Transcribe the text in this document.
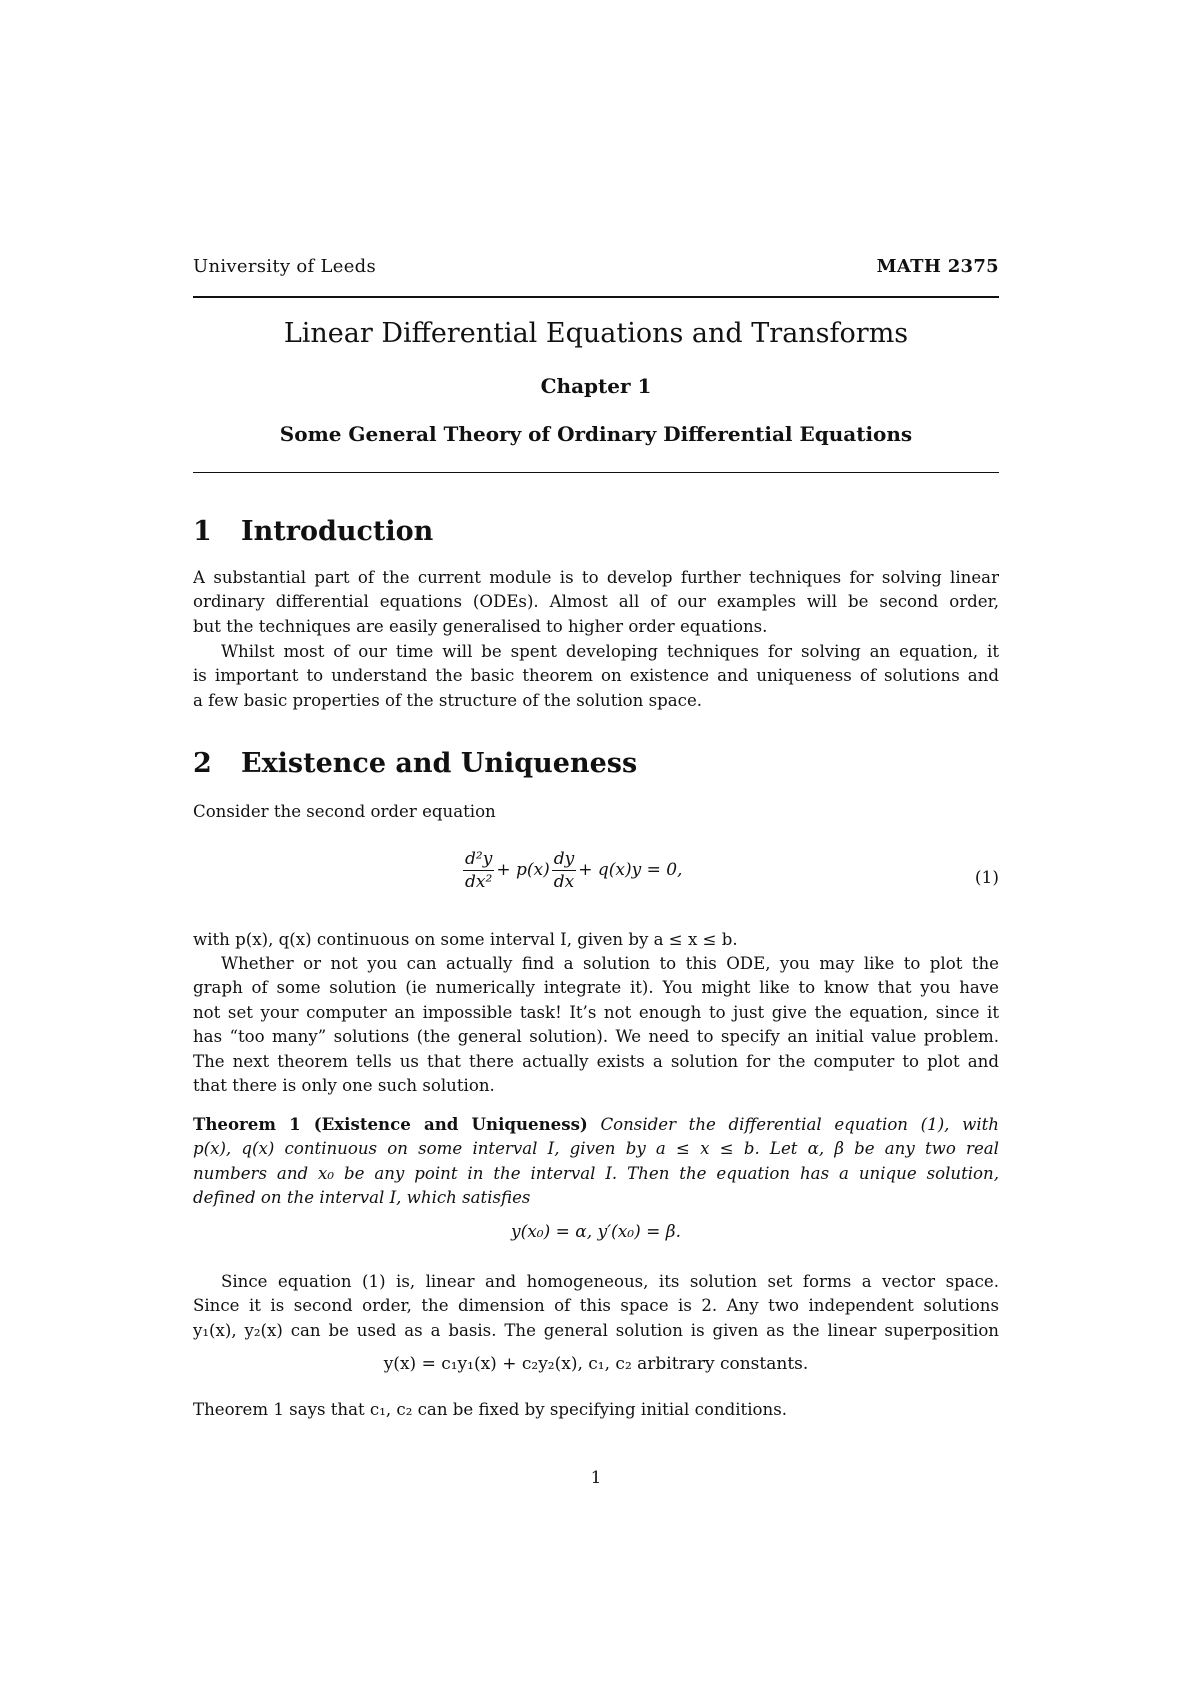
University of Leeds	MATH 2375
Linear Differential Equations and Transforms
Chapter 1
Some General Theory of Ordinary Differential Equations
1 Introduction
A substantial part of the current module is to develop further techniques for solving linear
ordinary differential equations (ODEs). Almost all of our examples will be second order,
but the techniques are easily generalised to higher order equations.
Whilst most of our time will be spent developing techniques for solving an equation, it
is important to understand the basic theorem on existence and uniqueness of solutions and
a few basic properties of the structure of the solution space.
2 Existence and Uniqueness
Consider the second order equation
$\frac{\text{d²y}}{\text{dx²}} + p(x) \frac{dy}{dx} + q(x)y = 0$,	(1)
with p(x), q(x) continuous on some interval I, given by a ≤ x ≤ b.
Whether or not you can actually find a solution to this ODE, you may like to plot the
graph of some solution (ie numerically integrate it). You might like to know that you have
not set your computer an impossible task! It’s not enough to just give the equation, since it
has “too many” solutions (the general solution). We need to specify an initial value problem.
The next theorem tells us that there actually exists a solution for the computer to plot and
that there is only one such solution.
Theorem 1 (Existence and Uniqueness) Consider the differential equation (1), with
p(x), q(x) continuous on some interval I, given by a ≤ x ≤ b. Let α, β be any two real
numbers and x₀ be any point in the interval I. Then the equation has a unique solution,
defined on the interval I, which satisfies
y(x₀) = α, y′(x₀) = β.
Since equation (1) is, linear and homogeneous, its solution set forms a vector space.
Since it is second order, the dimension of this space is 2. Any two independent solutions
y₁(x), y₂(x) can be used as a basis. The general solution is given as the linear superposition
y(x) = c₁y₁(x) + c₂y₂(x), c₁, c₂ arbitrary constants.
Theorem 1 says that c₁, c₂ can be fixed by specifying initial conditions.
1
